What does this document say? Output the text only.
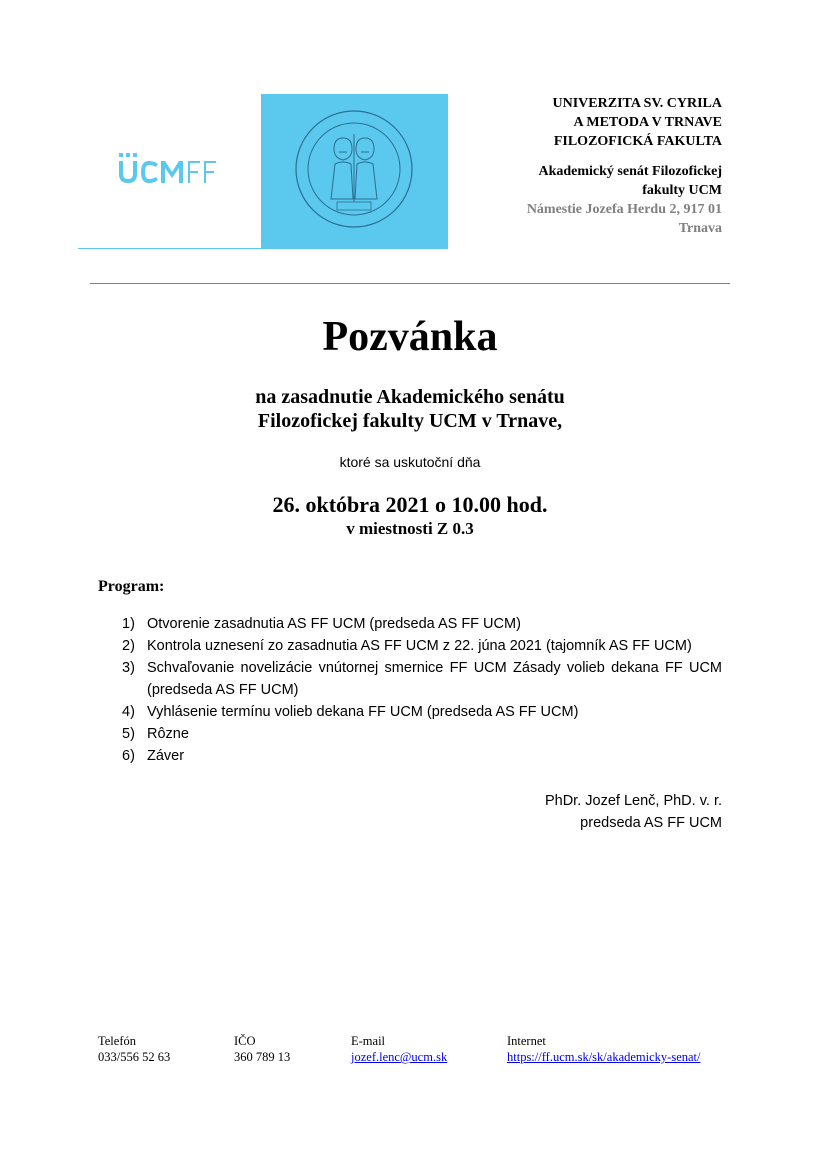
UNIVERZITA SV. CYRILA
A METODA V TRNAVE
FILOZOFICKÁ FAKULTA
Akademický senát Filozofickej
fakulty UCM
Námestie Jozefa Herdu 2, 917 01
Trnava
Pozvánka
na zasadnutie Akademického senátu
Filozofickej fakulty UCM v Trnave,
ktoré sa uskutoční dňa
26. októbra 2021 o 10.00 hod.
v miestnosti Z 0.3
Program:
1) Otvorenie zasadnutia AS FF UCM (predseda AS FF UCM)
2) Kontrola uznesení zo zasadnutia AS FF UCM z 22. júna 2021 (tajomník AS FF UCM)
3) Schvaľovanie novelizácie vnútornej smernice FF UCM Zásady volieb dekana FF UCM (predseda AS FF UCM)
4) Vyhlásenie termínu volieb dekana FF UCM (predseda AS FF UCM)
5) Rôzne
6) Záver
PhDr. Jozef Lenč, PhD. v. r.
predseda AS FF UCM
Telefón
033/556 52 63
IČO
360 789 13
E-mail
jozef.lenc@ucm.sk
Internet
https://ff.ucm.sk/sk/akademicky-senat/
